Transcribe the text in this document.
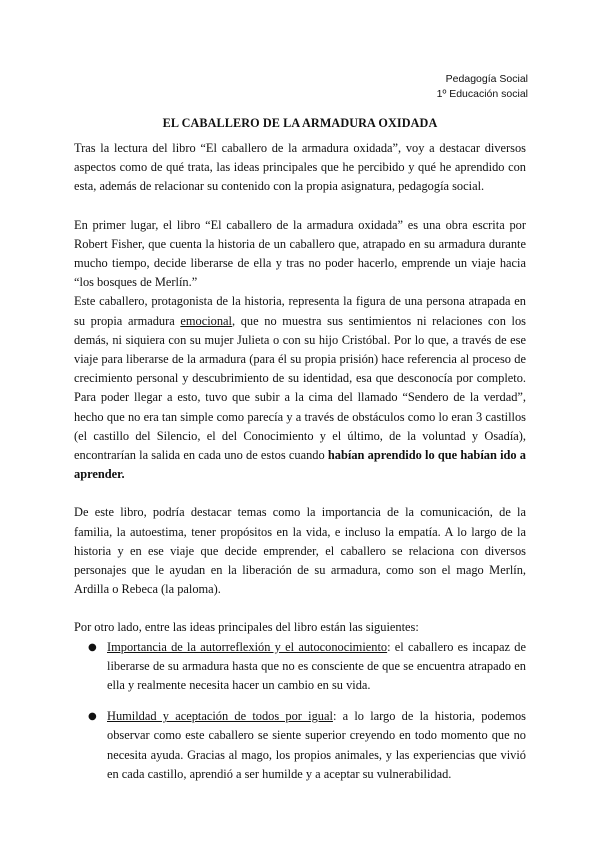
Pedagogía Social
1º Educación social
EL CABALLERO DE LA ARMADURA OXIDADA

Tras la lectura del libro “El caballero de la armadura oxidada”, voy a destacar diversos aspectos como de qué trata, las ideas principales que he percibido y qué he aprendido con esta, además de relacionar su contenido con la propia asignatura, pedagogía social.

En primer lugar, el libro “El caballero de la armadura oxidada” es una obra escrita por Robert Fisher, que cuenta la historia de un caballero que, atrapado en su armadura durante mucho tiempo, decide liberarse de ella y tras no poder hacerlo, emprende un viaje hacia “los bosques de Merlín.”

Este caballero, protagonista de la historia, representa la figura de una persona atrapada en su propia armadura emocional, que no muestra sus sentimientos ni relaciones con los demás, ni siquiera con su mujer Julieta o con su hijo Cristóbal. Por lo que, a través de ese viaje para liberarse de la armadura (para él su propia prisión) hace referencia al proceso de crecimiento personal y descubrimiento de su identidad, esa que desconocía por completo. Para poder llegar a esto, tuvo que subir a la cima del llamado “Sendero de la verdad”, hecho que no era tan simple como parecía y a través de obstáculos como lo eran 3 castillos (el castillo del Silencio, el del Conocimiento y el último, de la voluntad y Osadía), encontrarían la salida en cada uno de estos cuando habían aprendido lo que habían ido a aprender.

De este libro, podría destacar temas como la importancia de la comunicación, de la familia, la autoestima, tener propósitos en la vida, e incluso la empatía. A lo largo de la historia y en ese viaje que decide emprender, el caballero se relaciona con diversos personajes que le ayudan en la liberación de su armadura, como son el mago Merlín, Ardilla o Rebeca (la paloma).

Por otro lado, entre las ideas principales del libro están las siguientes:

● Importancia de la autorreflexión y el autoconocimiento: el caballero es incapaz de liberarse de su armadura hasta que no es consciente de que se encuentra atrapado en ella y realmente necesita hacer un cambio en su vida.
● Humildad y aceptación de todos por igual: a lo largo de la historia, podemos observar como este caballero se siente superior creyendo en todo momento que no necesita ayuda. Gracias al mago, los propios animales, y las experiencias que vivió en cada castillo, aprendió a ser humilde y a aceptar su vulnerabilidad.
